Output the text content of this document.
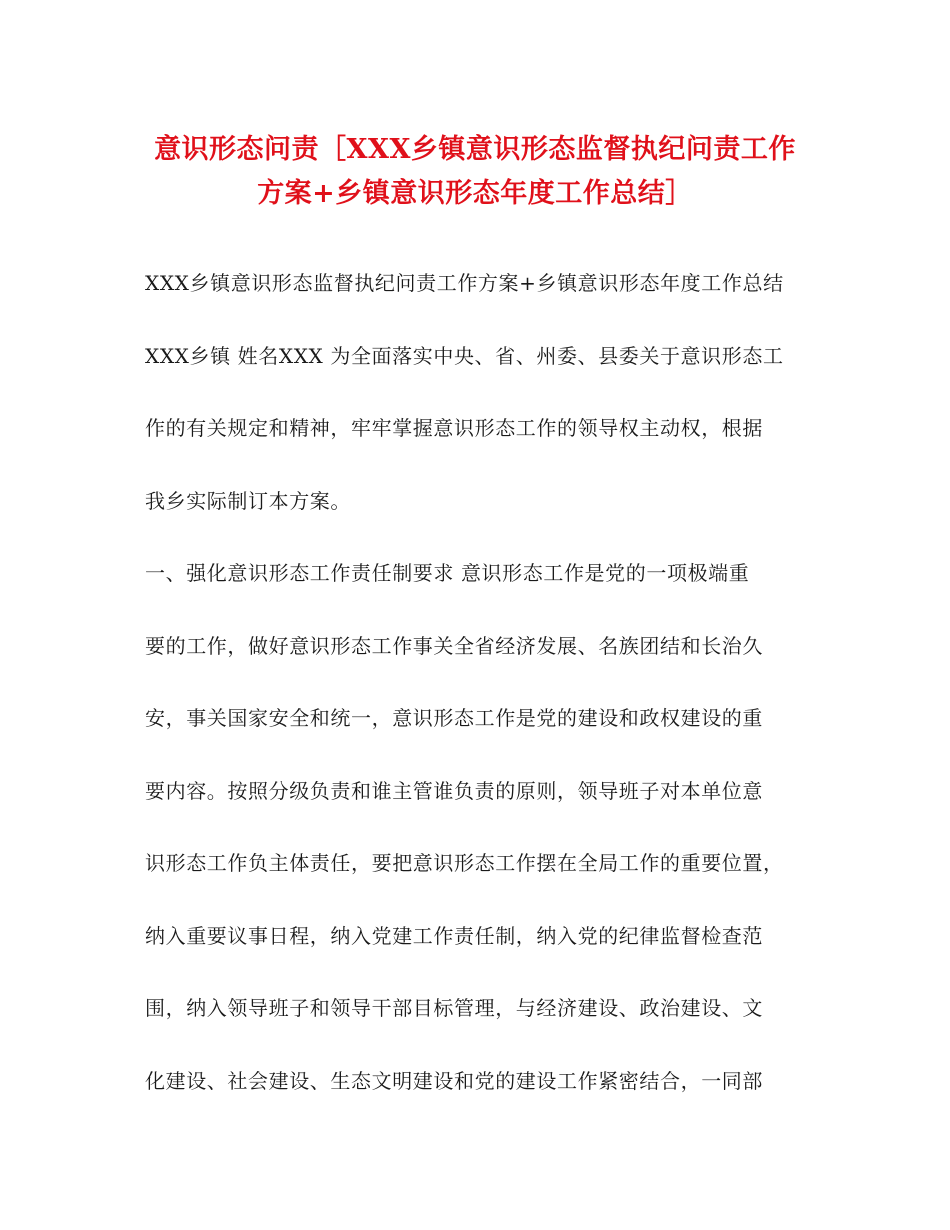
意识形态问责［XXX乡镇意识形态监督执纪问责工作
方案+乡镇意识形态年度工作总结］
XXX乡镇意识形态监督执纪问责工作方案+乡镇意识形态年度工作总结
XXX乡镇 姓名XXX 为全面落实中央、省、州委、县委关于意识形态工
作的有关规定和精神，牢牢掌握意识形态工作的领导权主动权，根据
我乡实际制订本方案。
一、强化意识形态工作责任制要求 意识形态工作是党的一项极端重
要的工作，做好意识形态工作事关全省经济发展、名族团结和长治久
安，事关国家安全和统一，意识形态工作是党的建设和政权建设的重
要内容。按照分级负责和谁主管谁负责的原则，领导班子对本单位意
识形态工作负主体责任，要把意识形态工作摆在全局工作的重要位置，
纳入重要议事日程，纳入党建工作责任制，纳入党的纪律监督检查范
围，纳入领导班子和领导干部目标管理，与经济建设、政治建设、文
化建设、社会建设、生态文明建设和党的建设工作紧密结合，一同部
